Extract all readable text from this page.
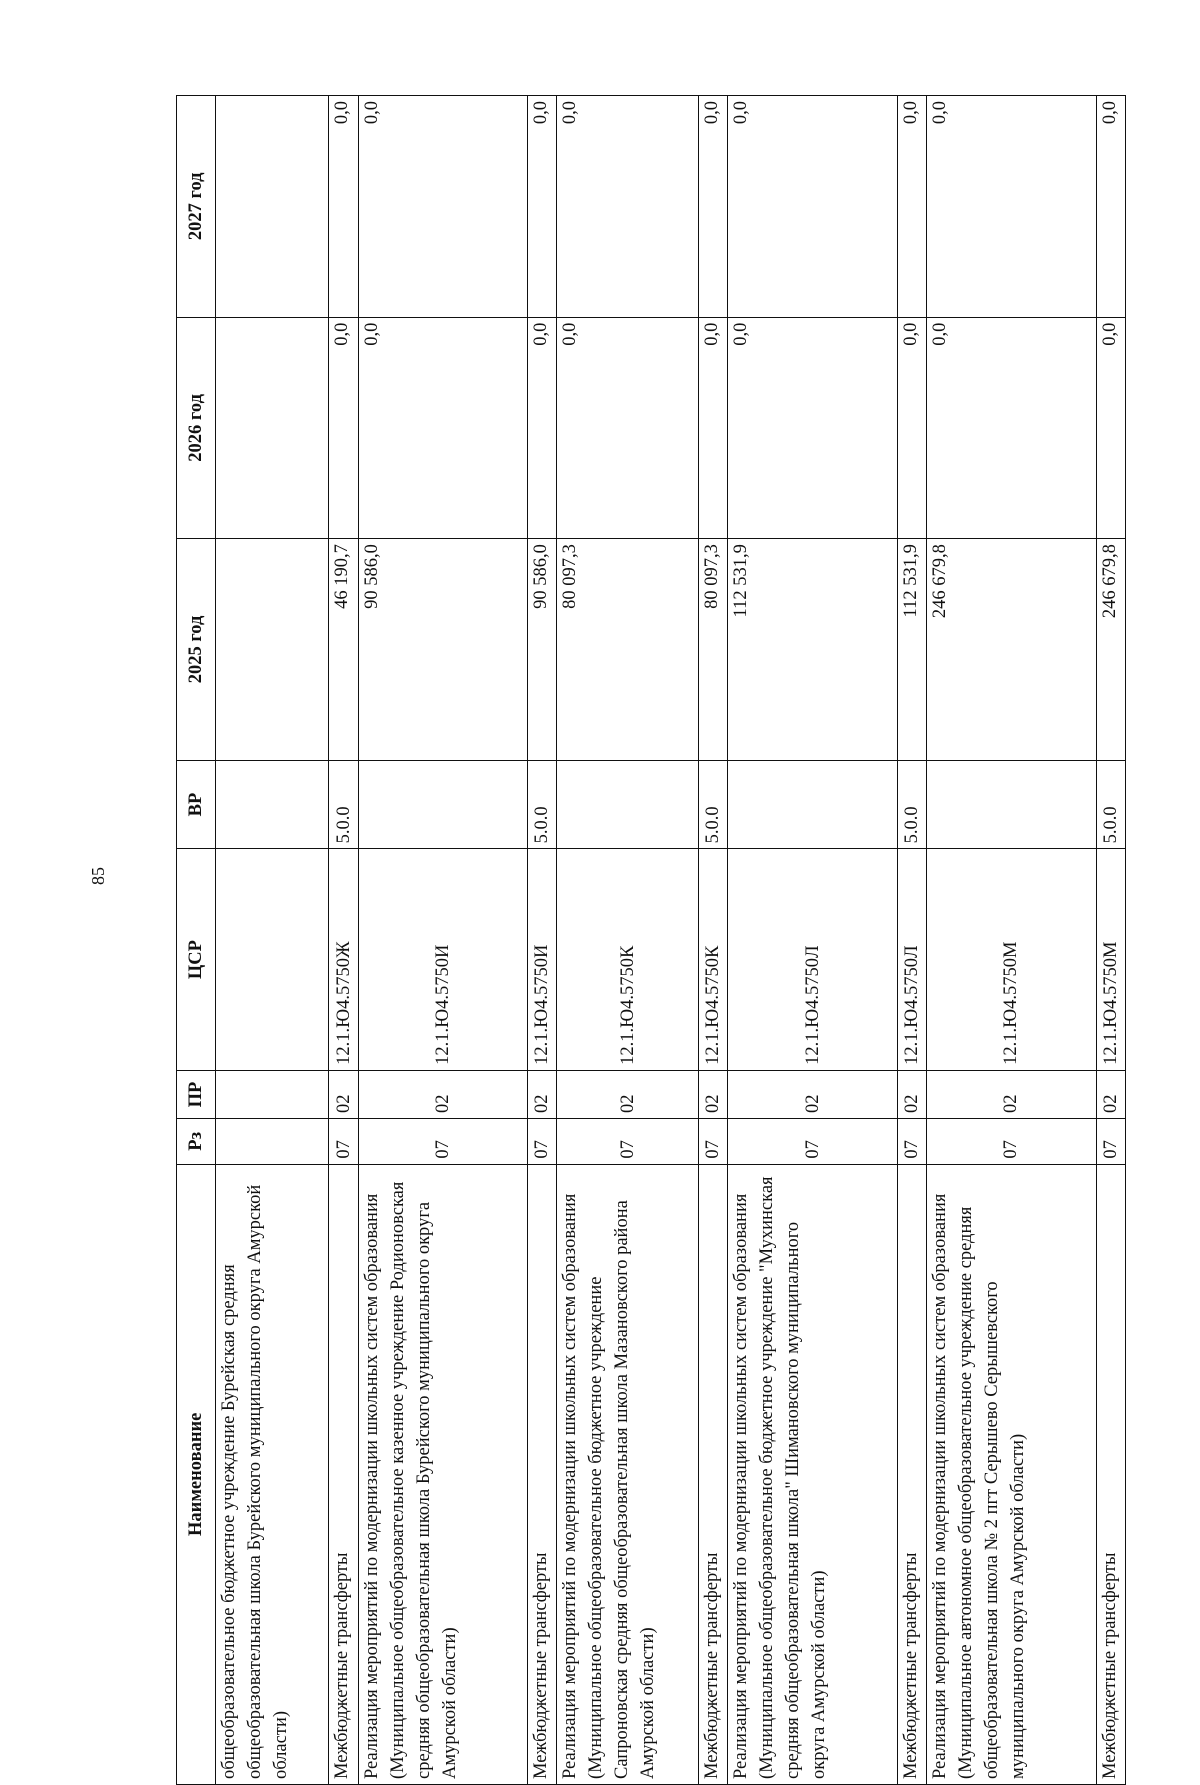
85
Наименование	Рз	ПР	ЦСР	ВР	2025 год	2026 год	2027 год
общеобразовательное бюджетное учреждение Бурейская средняя общеобразовательная школа Бурейского муниципального округа Амурской области)							
Межбюджетные трансферты	07	02	12.1.Ю4.5750Ж	5.0.0	46 190,7	0,0	0,0
Реализация мероприятий по модернизации школьных систем образования (Муниципальное общеобразовательное казенное учреждение Родионовская средняя общеобразовательная школа Бурейского муниципального округа Амурской области)	07	02	12.1.Ю4.5750И		90 586,0	0,0	0,0
Межбюджетные трансферты	07	02	12.1.Ю4.5750И	5.0.0	90 586,0	0,0	0,0
Реализация мероприятий по модернизации школьных систем образования (Муниципальное общеобразовательное бюджетное учреждение Сапроновская средняя общеобразовательная школа Мазановского района Амурской области)	07	02	12.1.Ю4.5750К		80 097,3	0,0	0,0
Межбюджетные трансферты	07	02	12.1.Ю4.5750К	5.0.0	80 097,3	0,0	0,0
Реализация мероприятий по модернизации школьных систем образования (Муниципальное общеобразовательное бюджетное учреждение "Мухинская средняя общеобразовательная школа" Шимановского муниципального округа Амурской области)	07	02	12.1.Ю4.5750Л		112 531,9	0,0	0,0
Межбюджетные трансферты	07	02	12.1.Ю4.5750Л	5.0.0	112 531,9	0,0	0,0
Реализация мероприятий по модернизации школьных систем образования (Муниципальное автономное общеобразовательное учреждение средняя общеобразовательная школа № 2 пгт Серышево Серышевского муниципального округа Амурской области)	07	02	12.1.Ю4.5750М		246 679,8	0,0	0,0
Межбюджетные трансферты	07	02	12.1.Ю4.5750М	5.0.0	246 679,8	0,0	0,0
